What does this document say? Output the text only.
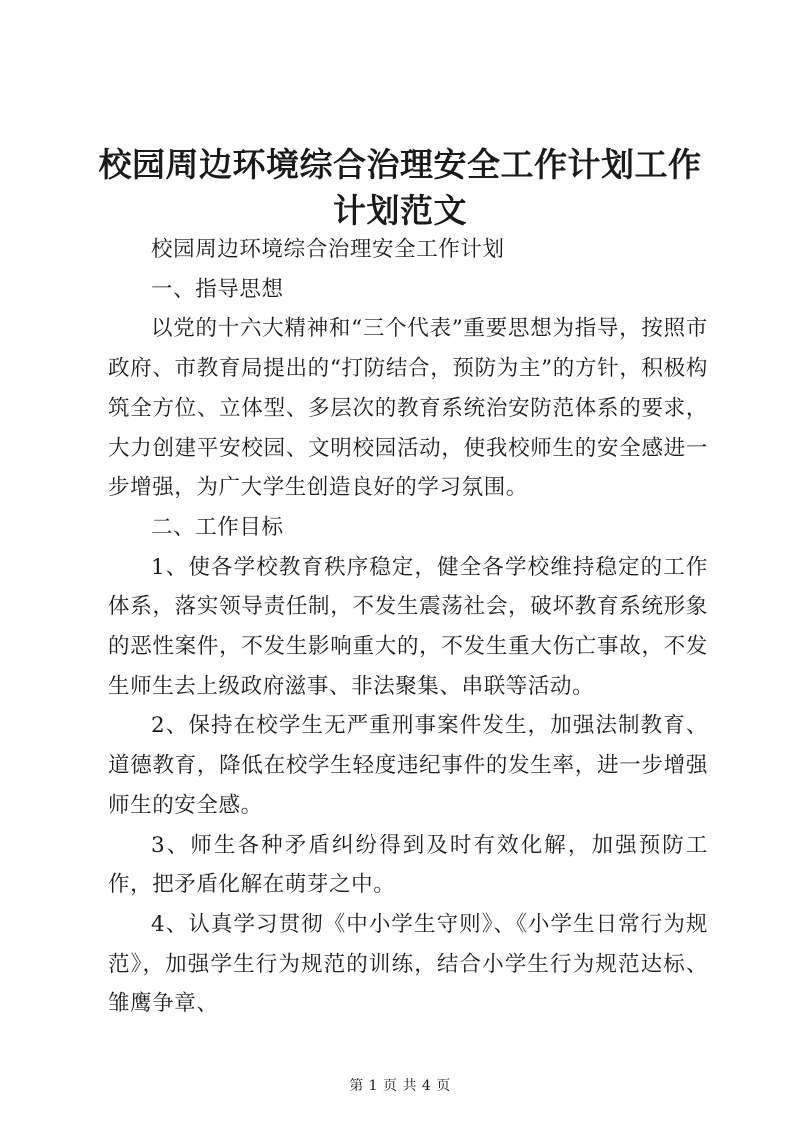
校园周边环境综合治理安全工作计划工作计划范文

校园周边环境综合治理安全工作计划

一、指导思想

以党的十六大精神和“三个代表”重要思想为指导，按照市政府、市教育局提出的“打防结合，预防为主”的方针，积极构筑全方位、立体型、多层次的教育系统治安防范体系的要求，大力创建平安校园、文明校园活动，使我校师生的安全感进一步增强，为广大学生创造良好的学习氛围。

二、工作目标

1、使各学校教育秩序稳定，健全各学校维持稳定的工作体系，落实领导责任制，不发生震荡社会，破坏教育系统形象的恶性案件，不发生影响重大的，不发生重大伤亡事故，不发生师生去上级政府滋事、非法聚集、串联等活动。

2、保持在校学生无严重刑事案件发生，加强法制教育、道德教育，降低在校学生轻度违纪事件的发生率，进一步增强师生的安全感。

3、师生各种矛盾纠纷得到及时有效化解，加强预防工作，把矛盾化解在萌芽之中。

4、认真学习贯彻《中小学生守则》、《小学生日常行为规范》，加强学生行为规范的训练，结合小学生行为规范达标、雏鹰争章、

第 1 页 共 4 页
